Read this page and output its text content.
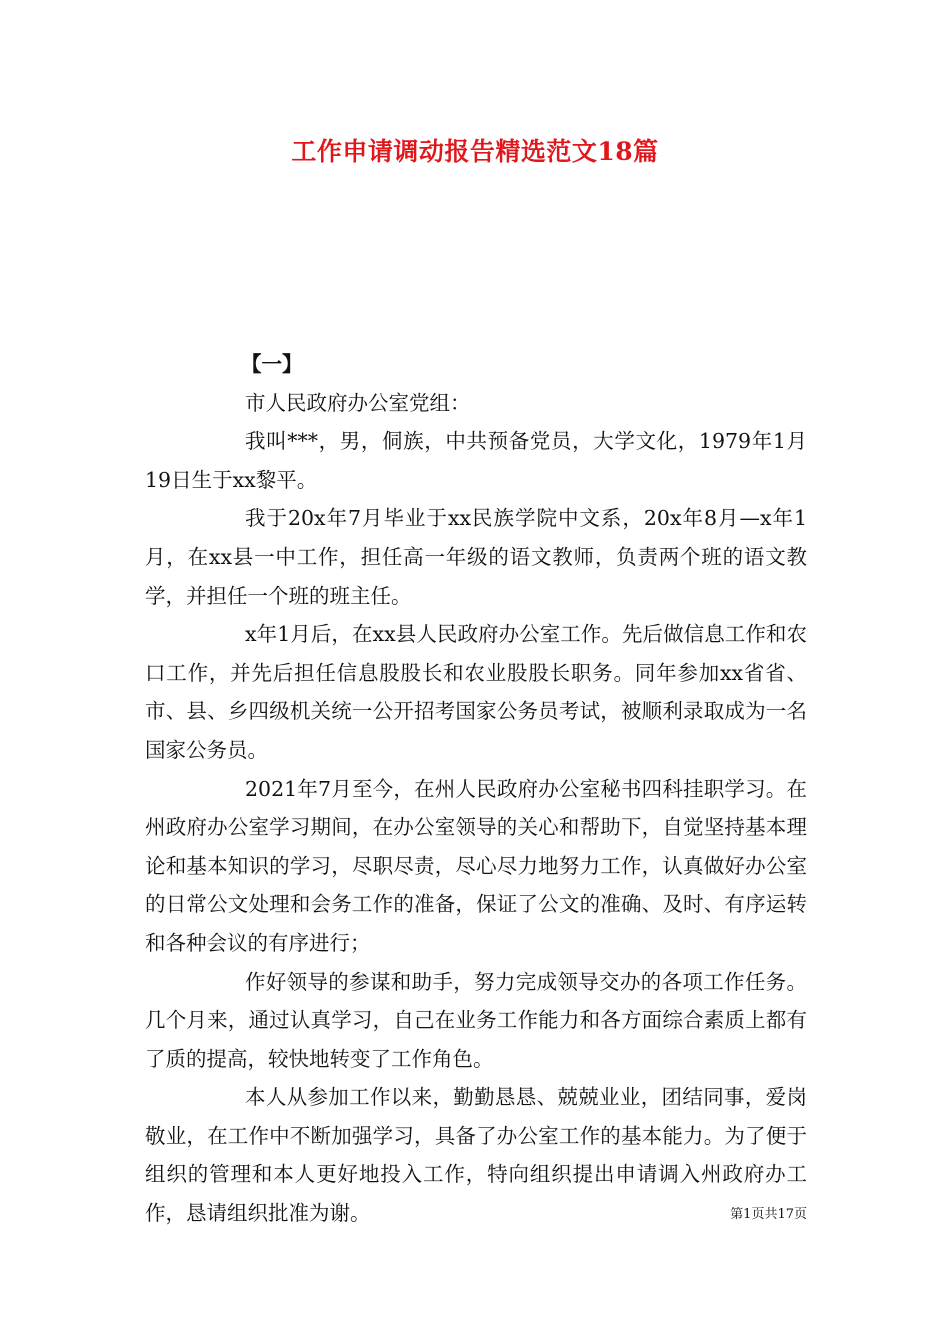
工作申请调动报告精选范文18篇

【一】

市人民政府办公室党组：

我叫***，男，侗族，中共预备党员，大学文化，1979年1月19日生于xx黎平。

我于20x年7月毕业于xx民族学院中文系，20x年8月—x年1月，在xx县一中工作，担任高一年级的语文教师，负责两个班的语文教学，并担任一个班的班主任。

x年1月后，在xx县人民政府办公室工作。先后做信息工作和农口工作，并先后担任信息股股长和农业股股长职务。同年参加xx省省、市、县、乡四级机关统一公开招考国家公务员考试，被顺利录取成为一名国家公务员。

2021年7月至今，在州人民政府办公室秘书四科挂职学习。在州政府办公室学习期间，在办公室领导的关心和帮助下，自觉坚持基本理论和基本知识的学习，尽职尽责，尽心尽力地努力工作，认真做好办公室的日常公文处理和会务工作的准备，保证了公文的准确、及时、有序运转和各种会议的有序进行；

作好领导的参谋和助手，努力完成领导交办的各项工作任务。几个月来，通过认真学习，自己在业务工作能力和各方面综合素质上都有了质的提高，较快地转变了工作角色。

本人从参加工作以来，勤勤恳恳、兢兢业业，团结同事，爱岗敬业，在工作中不断加强学习，具备了办公室工作的基本能力。为了便于组织的管理和本人更好地投入工作，特向组织提出申请调入州政府办工作，恳请组织批准为谢。	第1页共17页
